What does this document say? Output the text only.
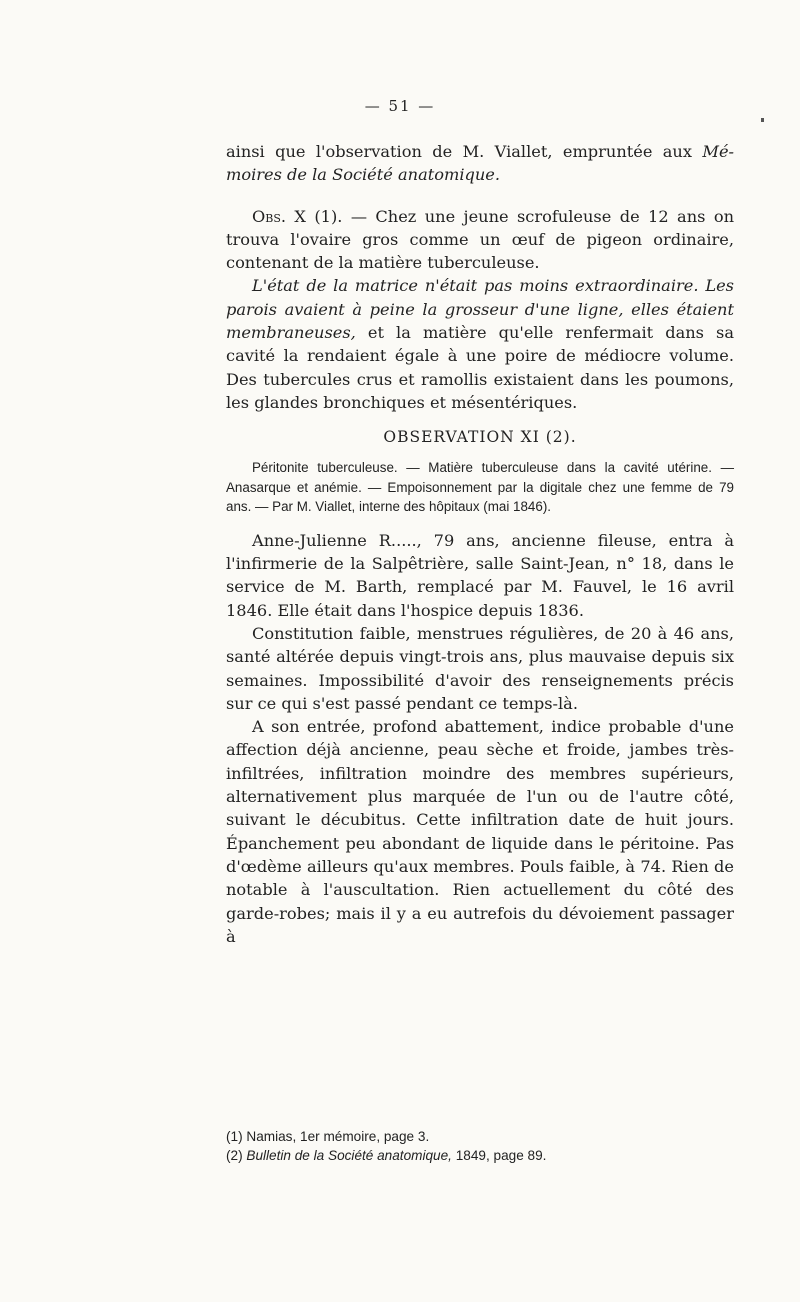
— 51 —

ainsi que l'observation de M. Viallet, empruntée aux Mé-moires de la Société anatomique.

Obs. X (1). — Chez une jeune scrofuleuse de 12 ans on trouva l'ovaire gros comme un œuf de pigeon ordinaire, contenant de la matière tuberculeuse.

L'état de la matrice n'était pas moins extraordinaire. Les parois avaient à peine la grosseur d'une ligne, elles étaient membraneuses, et la matière qu'elle renfermait dans sa cavité la rendaient égale à une poire de médiocre volume. Des tubercules crus et ramollis existaient dans les poumons, les glandes bronchiques et mésentériques.

OBSERVATION XI (2).

Péritonite tuberculeuse. — Matière tuberculeuse dans la cavité utérine. — Anasarque et anémie. — Empoisonnement par la digitale chez une femme de 79 ans. — Par M. Viallet, interne des hôpitaux (mai 1846).

Anne-Julienne R....., 79 ans, ancienne fileuse, entra à l'infirmerie de la Salpêtrière, salle Saint-Jean, n° 18, dans le service de M. Barth, remplacé par M. Fauvel, le 16 avril 1846. Elle était dans l'hospice depuis 1836.

Constitution faible, menstrues régulières, de 20 à 46 ans, santé altérée depuis vingt-trois ans, plus mauvaise depuis six semaines. Impossibilité d'avoir des renseignements précis sur ce qui s'est passé pendant ce temps-là.

A son entrée, profond abattement, indice probable d'une affection déjà ancienne, peau sèche et froide, jambes très-infiltrées, infiltration moindre des membres supérieurs, alternativement plus marquée de l'un ou de l'autre côté, suivant le décubitus. Cette infiltration date de huit jours. Épanchement peu abondant de liquide dans le péritoine. Pas d'œdème ailleurs qu'aux membres. Pouls faible, à 74. Rien de notable à l'auscultation. Rien actuellement du côté des garde-robes; mais il y a eu autrefois du dévoiement passager à

(1) Namias, 1er mémoire, page 3.

(2) Bulletin de la Société anatomique, 1849, page 89.
